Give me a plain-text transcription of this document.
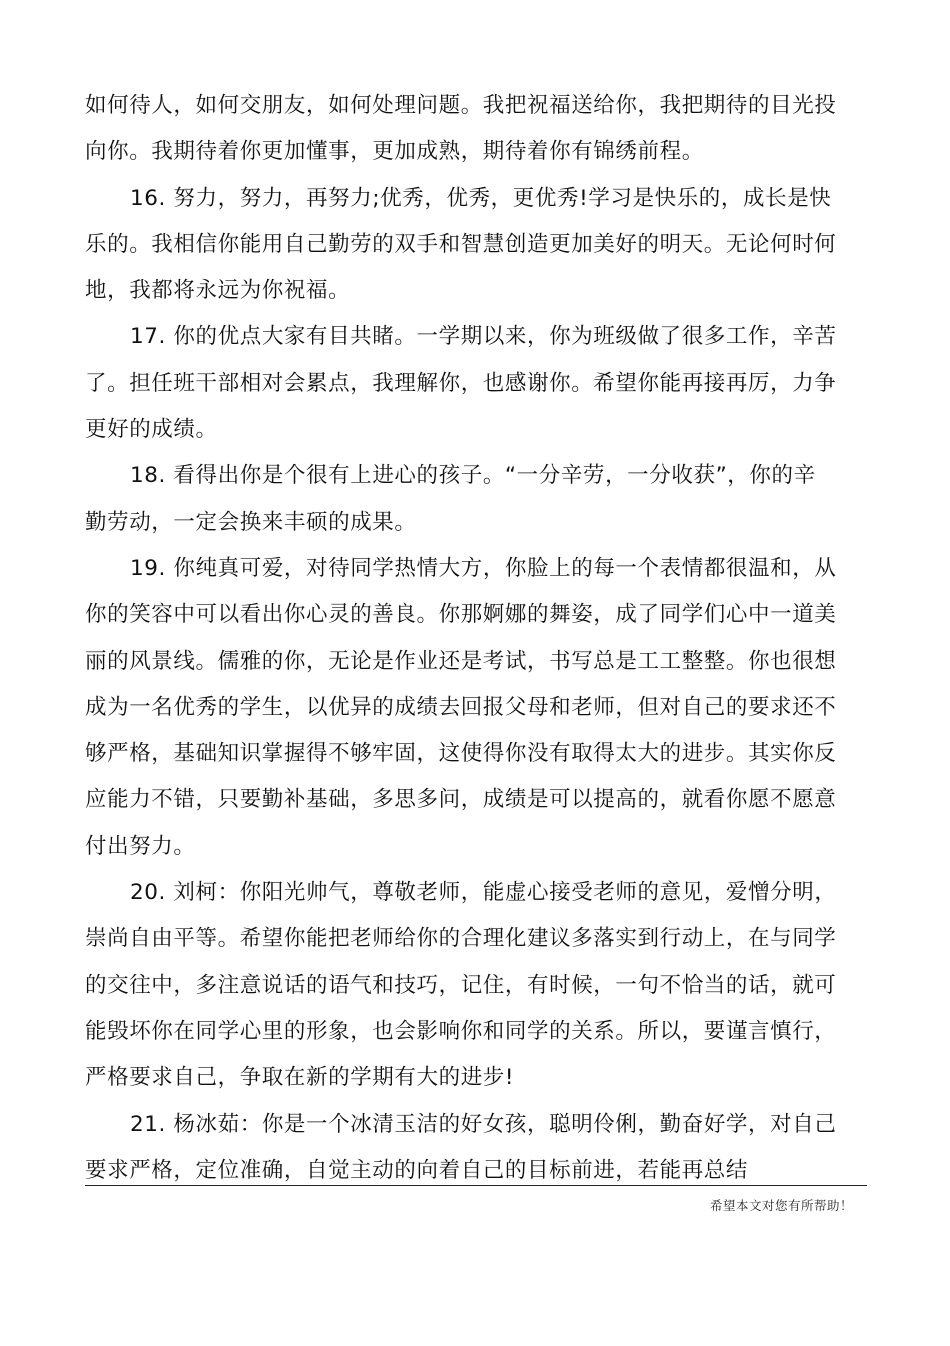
如何待人，如何交朋友，如何处理问题。我把祝福送给你，我把期待的目光投
向你。我期待着你更加懂事，更加成熟，期待着你有锦绣前程。
16. 努力，努力，再努力;优秀，优秀，更优秀!学习是快乐的，成长是快
乐的。我相信你能用自己勤劳的双手和智慧创造更加美好的明天。无论何时何
地，我都将永远为你祝福。
17. 你的优点大家有目共睹。一学期以来，你为班级做了很多工作，辛苦
了。担任班干部相对会累点，我理解你，也感谢你。希望你能再接再厉，力争
更好的成绩。
18. 看得出你是个很有上进心的孩子。“一分辛劳，一分收获”，你的辛
勤劳动，一定会换来丰硕的成果。
19. 你纯真可爱，对待同学热情大方，你脸上的每一个表情都很温和，从
你的笑容中可以看出你心灵的善良。你那婀娜的舞姿，成了同学们心中一道美
丽的风景线。儒雅的你，无论是作业还是考试，书写总是工工整整。你也很想
成为一名优秀的学生，以优异的成绩去回报父母和老师，但对自己的要求还不
够严格，基础知识掌握得不够牢固，这使得你没有取得太大的进步。其实你反
应能力不错，只要勤补基础，多思多问，成绩是可以提高的，就看你愿不愿意
付出努力。
20. 刘柯：你阳光帅气，尊敬老师，能虚心接受老师的意见，爱憎分明，
崇尚自由平等。希望你能把老师给你的合理化建议多落实到行动上，在与同学
的交往中，多注意说话的语气和技巧，记住，有时候，一句不恰当的话，就可
能毁坏你在同学心里的形象，也会影响你和同学的关系。所以，要谨言慎行，
严格要求自己，争取在新的学期有大的进步!
21. 杨冰茹：你是一个冰清玉洁的好女孩，聪明伶俐，勤奋好学，对自己
要求严格，定位准确，自觉主动的向着自己的目标前进，若能再总结
希望本文对您有所帮助！
